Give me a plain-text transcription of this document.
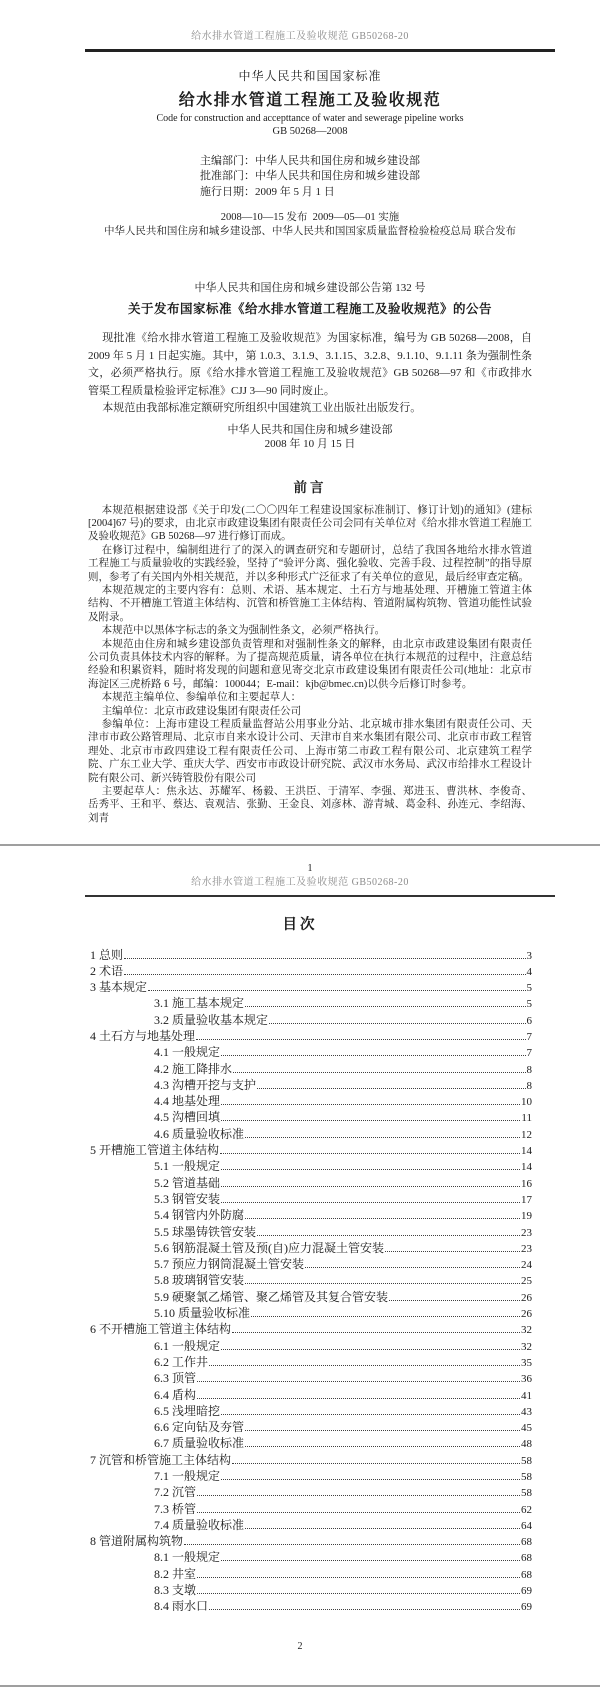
给水排水管道工程施工及验收规范 GB50268-20
中华人民共和国国家标准
给水排水管道工程施工及验收规范
Code for construction and accepttance of water and sewerage pipeline works
GB 50268—2008
主编部门：中华人民共和国住房和城乡建设部
批准部门：中华人民共和国住房和城乡建设部
施行日期：2009 年 5 月 1 日
2008—10—15 发布  2009—05—01 实施
中华人民共和国住房和城乡建设部、中华人民共和国国家质量监督检验检疫总局 联合发布
中华人民共和国住房和城乡建设部公告第 132 号
关于发布国家标准《给水排水管道工程施工及验收规范》的公告
现批准《给水排水管道工程施工及验收规范》为国家标准，编号为 GB 50268—2008，自 2009 年 5 月 1 日起实施。其中，第 1.0.3、3.1.9、3.1.15、3.2.8、9.1.10、9.1.11 条为强制性条文，必须严格执行。原《给水排水管道工程施工及验收规范》GB 50268—97 和《市政排水管渠工程质量检验评定标准》CJJ 3—90 同时废止。
本规范由我部标准定额研究所组织中国建筑工业出版社出版发行。
中华人民共和国住房和城乡建设部
2008 年 10 月 15 日
前言
本规范根据建设部《关于印发(二〇〇四年工程建设国家标准制订、修订计划)的通知》(建标[2004]67 号)的要求，由北京市政建设集团有限责任公司会同有关单位对《给水排水管道工程施工及验收规范》GB 50268—97 进行修订而成。
在修订过程中，编制组进行了的深入的调查研究和专题研讨，总结了我国各地给水排水管道工程施工与质量验收的实践经验，坚持了“验评分离、强化验收、完善手段、过程控制”的指导原则，参考了有关国内外相关规范，并以多种形式广泛征求了有关单位的意见，最后经审查定稿。
本规范规定的主要内容有：总则、术语、基本规定、土石方与地基处理、开槽施工管道主体结构、不开槽施工管道主体结构、沉管和桥管施工主体结构、管道附属构筑物、管道功能性试验及附录。
本规范中以黑体字标志的条文为强制性条文，必须严格执行。
本规范由住房和城乡建设部负责管理和对强制性条文的解释，由北京市政建设集团有限责任公司负责具体技术内容的解释。为了提高规范质量，请各单位在执行本规范的过程中，注意总结经验和积累资料，随时将发现的问题和意见寄交北京市政建设集团有限责任公司(地址：北京市海淀区三虎桥路 6 号，邮编：100044；E-mail：kjb@bmec.cn)以供今后修订时参考。
本规范主编单位、参编单位和主要起草人：
主编单位：北京市政建设集团有限责任公司
参编单位：上海市建设工程质量监督站公用事业分站、北京城市排水集团有限责任公司、天津市市政公路管理局、北京市自来水设计公司、天津市自来水集团有限公司、北京市市政工程管理处、北京市市政四建设工程有限责任公司、上海市第二市政工程有限公司、北京建筑工程学院、广东工业大学、重庆大学、西安市市政设计研究院、武汉市水务局、武汉市给排水工程设计院有限公司、新兴铸管股份有限公司
主要起草人：焦永达、苏耀军、杨毅、王洪臣、于清军、李强、郑进玉、曹洪林、李俊奇、岳秀平、王和平、蔡达、袁观洁、张勤、王金良、刘彦林、游青城、葛金科、孙连元、李绍海、刘青
1
给水排水管道工程施工及验收规范 GB50268-20
目次
1 总则	3
2 术语	4
3 基本规定	5
3.1 施工基本规定	5
3.2 质量验收基本规定	6
4 土石方与地基处理	7
4.1 一般规定	7
4.2 施工降排水	8
4.3 沟槽开挖与支护	8
4.4 地基处理	10
4.5 沟槽回填	11
4.6 质量验收标准	12
5 开槽施工管道主体结构	14
5.1 一般规定	14
5.2 管道基础	16
5.3 钢管安装	17
5.4 钢管内外防腐	19
5.5 球墨铸铁管安装	23
5.6 钢筋混凝土管及预(自)应力混凝土管安装	23
5.7 预应力钢筒混凝土管安装	24
5.8 玻璃钢管安装	25
5.9 硬聚氯乙烯管、聚乙烯管及其复合管安装	26
5.10 质量验收标准	26
6 不开槽施工管道主体结构	32
6.1 一般规定	32
6.2 工作井	35
6.3 顶管	36
6.4 盾构	41
6.5 浅埋暗挖	43
6.6 定向钻及夯管	45
6.7 质量验收标准	48
7 沉管和桥管施工主体结构	58
7.1 一般规定	58
7.2 沉管	58
7.3 桥管	62
7.4 质量验收标准	64
8 管道附属构筑物	68
8.1 一般规定	68
8.2 井室	68
8.3 支墩	69
8.4 雨水口	69
2
